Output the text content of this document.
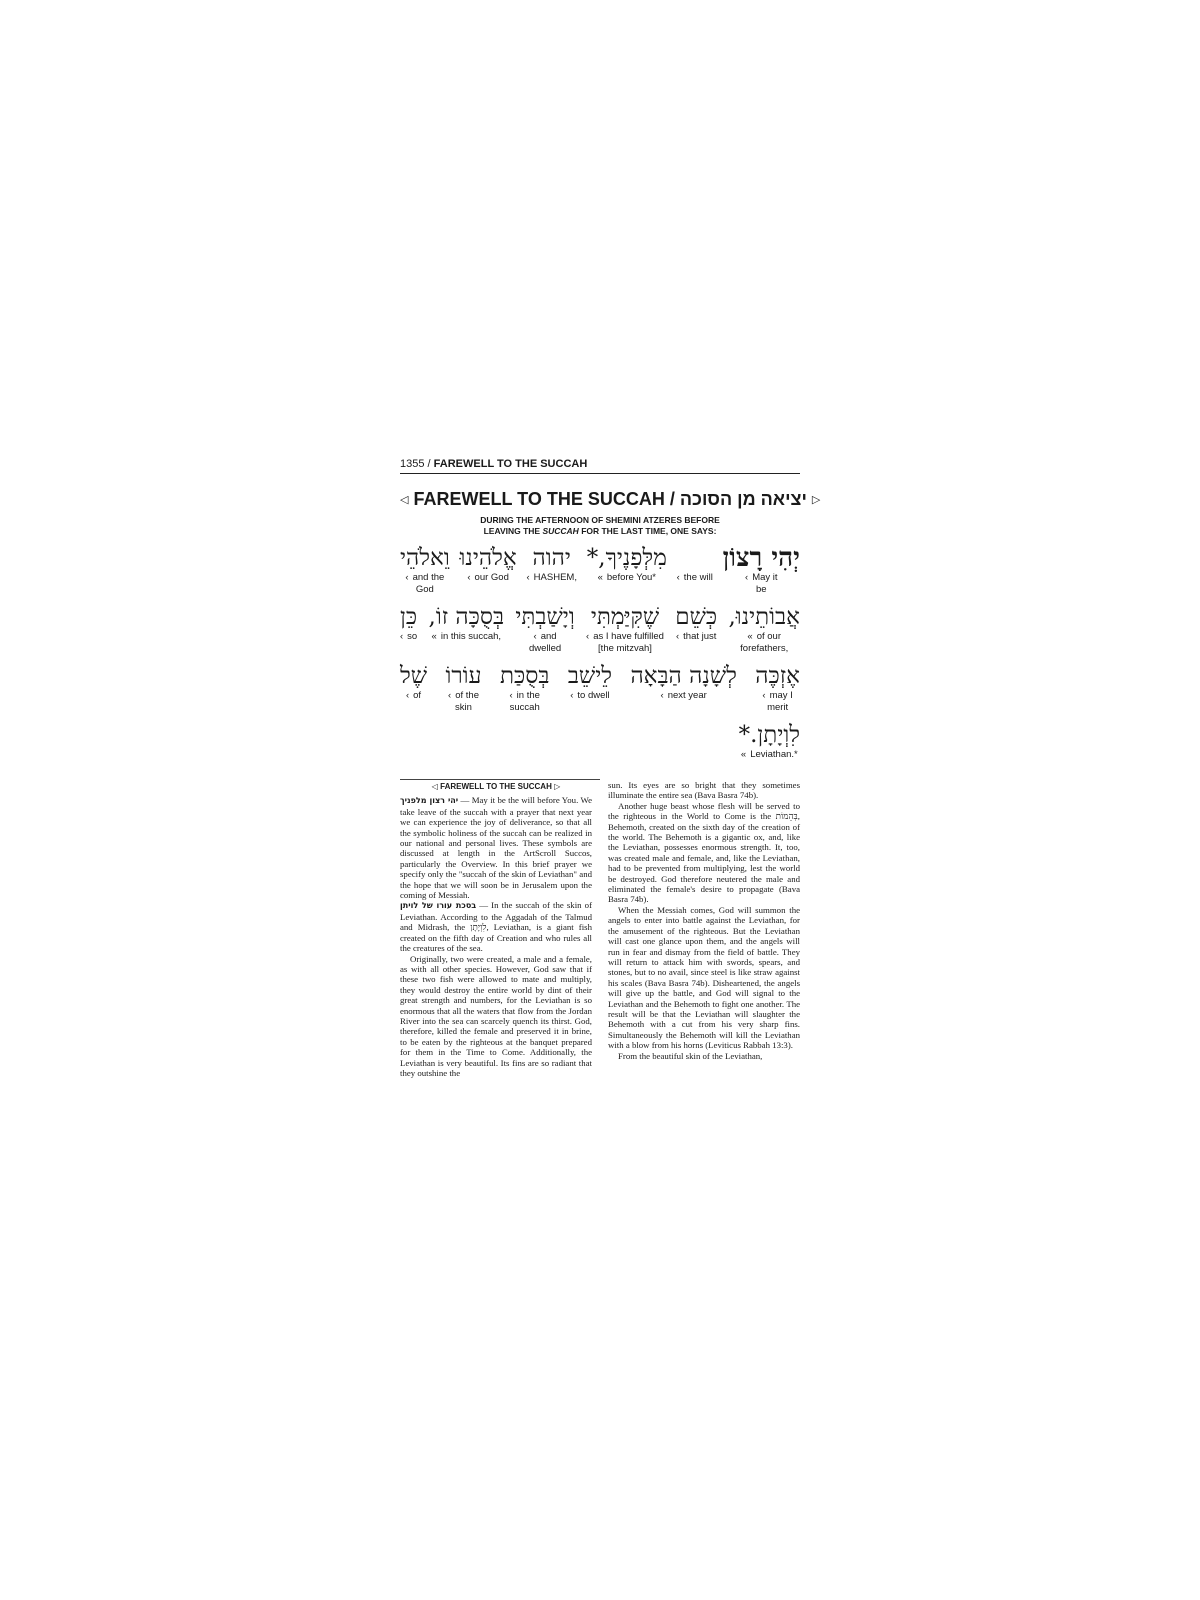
1355 / FAREWELL TO THE SUCCAH
◁ FAREWELL TO THE SUCCAH / יציאה מן הסוכה ▷
DURING THE AFTERNOON OF SHEMINI ATZERES BEFORE
LEAVING THE SUCCAH FOR THE LAST TIME, ONE SAYS:
יְהִי רָצוֹן
‹ May it
be

‹ the will
מִלְּפָנֶיךָ,*
« before You*
יהוה
‹ HASHEM,
אֱלֹהֵינוּ
‹ our God
וֵאלֹהֵי
‹ and the
God
אֲבוֹתֵינוּ,
« of our
forefathers,
כְּשֵׁם
‹ that just
שֶׁקִּיַּמְתִּי
‹ as I have fulfilled
[the mitzvah]
וְיָשַׁבְתִּי
‹ and
dwelled
בְּסֻכָּה זוֹ,
« in this succah,
כֵּן
‹ so
אֶזְכֶּה
‹ may I
merit
לְשָׁנָה הַבָּאָה
‹ next year
לֵישֵׁב
‹ to dwell
בְּסֻכַּת
‹ in the
succah
עוֹרוֹ
‹ of the
skin
שֶׁל
‹ of
לִוְיָתָן.*
« Leviathan.*
◁ FAREWELL TO THE SUCCAH ▷

יהי רצון מלפניך — May it be the will before You. We take leave of the succah with a prayer that next year we can experience the joy of deliverance, so that all the symbolic holiness of the succah can be realized in our national and personal lives. These symbols are discussed at length in the ArtScroll Succos, particularly the Overview. In this brief prayer we specify only the "succah of the skin of Leviathan" and the hope that we will soon be in Jerusalem upon the coming of Messiah.

בסכת עורו של לויתן — In the succah of the skin of Leviathan. According to the Aggadah of the Talmud and Midrash, the לִוְיָתָן, Leviathan, is a giant fish created on the fifth day of Creation and who rules all the creatures of the sea.

Originally, two were created, a male and a female, as with all other species. However, God saw that if these two fish were allowed to mate and multiply, they would destroy the entire world by dint of their great strength and numbers, for the Leviathan is so enormous that all the waters that flow from the Jordan River into the sea can scarcely quench its thirst. God, therefore, killed the female and preserved it in brine, to be eaten by the righteous at the banquet prepared for them in the Time to Come. Additionally, the Leviathan is very beautiful. Its fins are so radiant that they outshine the

sun. Its eyes are so bright that they sometimes illuminate the entire sea (Bava Basra 74b).

Another huge beast whose flesh will be served to the righteous in the World to Come is the בְּהֵמוֹת, Behemoth, created on the sixth day of the creation of the world. The Behemoth is a gigantic ox, and, like the Leviathan, possesses enormous strength. It, too, was created male and female, and, like the Leviathan, had to be prevented from multiplying, lest the world be destroyed. God therefore neutered the male and eliminated the female's desire to propagate (Bava Basra 74b).

When the Messiah comes, God will summon the angels to enter into battle against the Leviathan, for the amusement of the righteous. But the Leviathan will cast one glance upon them, and the angels will run in fear and dismay from the field of battle. They will return to attack him with swords, spears, and stones, but to no avail, since steel is like straw against his scales (Bava Basra 74b). Disheartened, the angels will give up the battle, and God will signal to the Leviathan and the Behemoth to fight one another. The result will be that the Leviathan will slaughter the Behemoth with a cut from his very sharp fins. Simultaneously the Behemoth will kill the Leviathan with a blow from his horns (Leviticus Rabbah 13:3).

From the beautiful skin of the Leviathan,
